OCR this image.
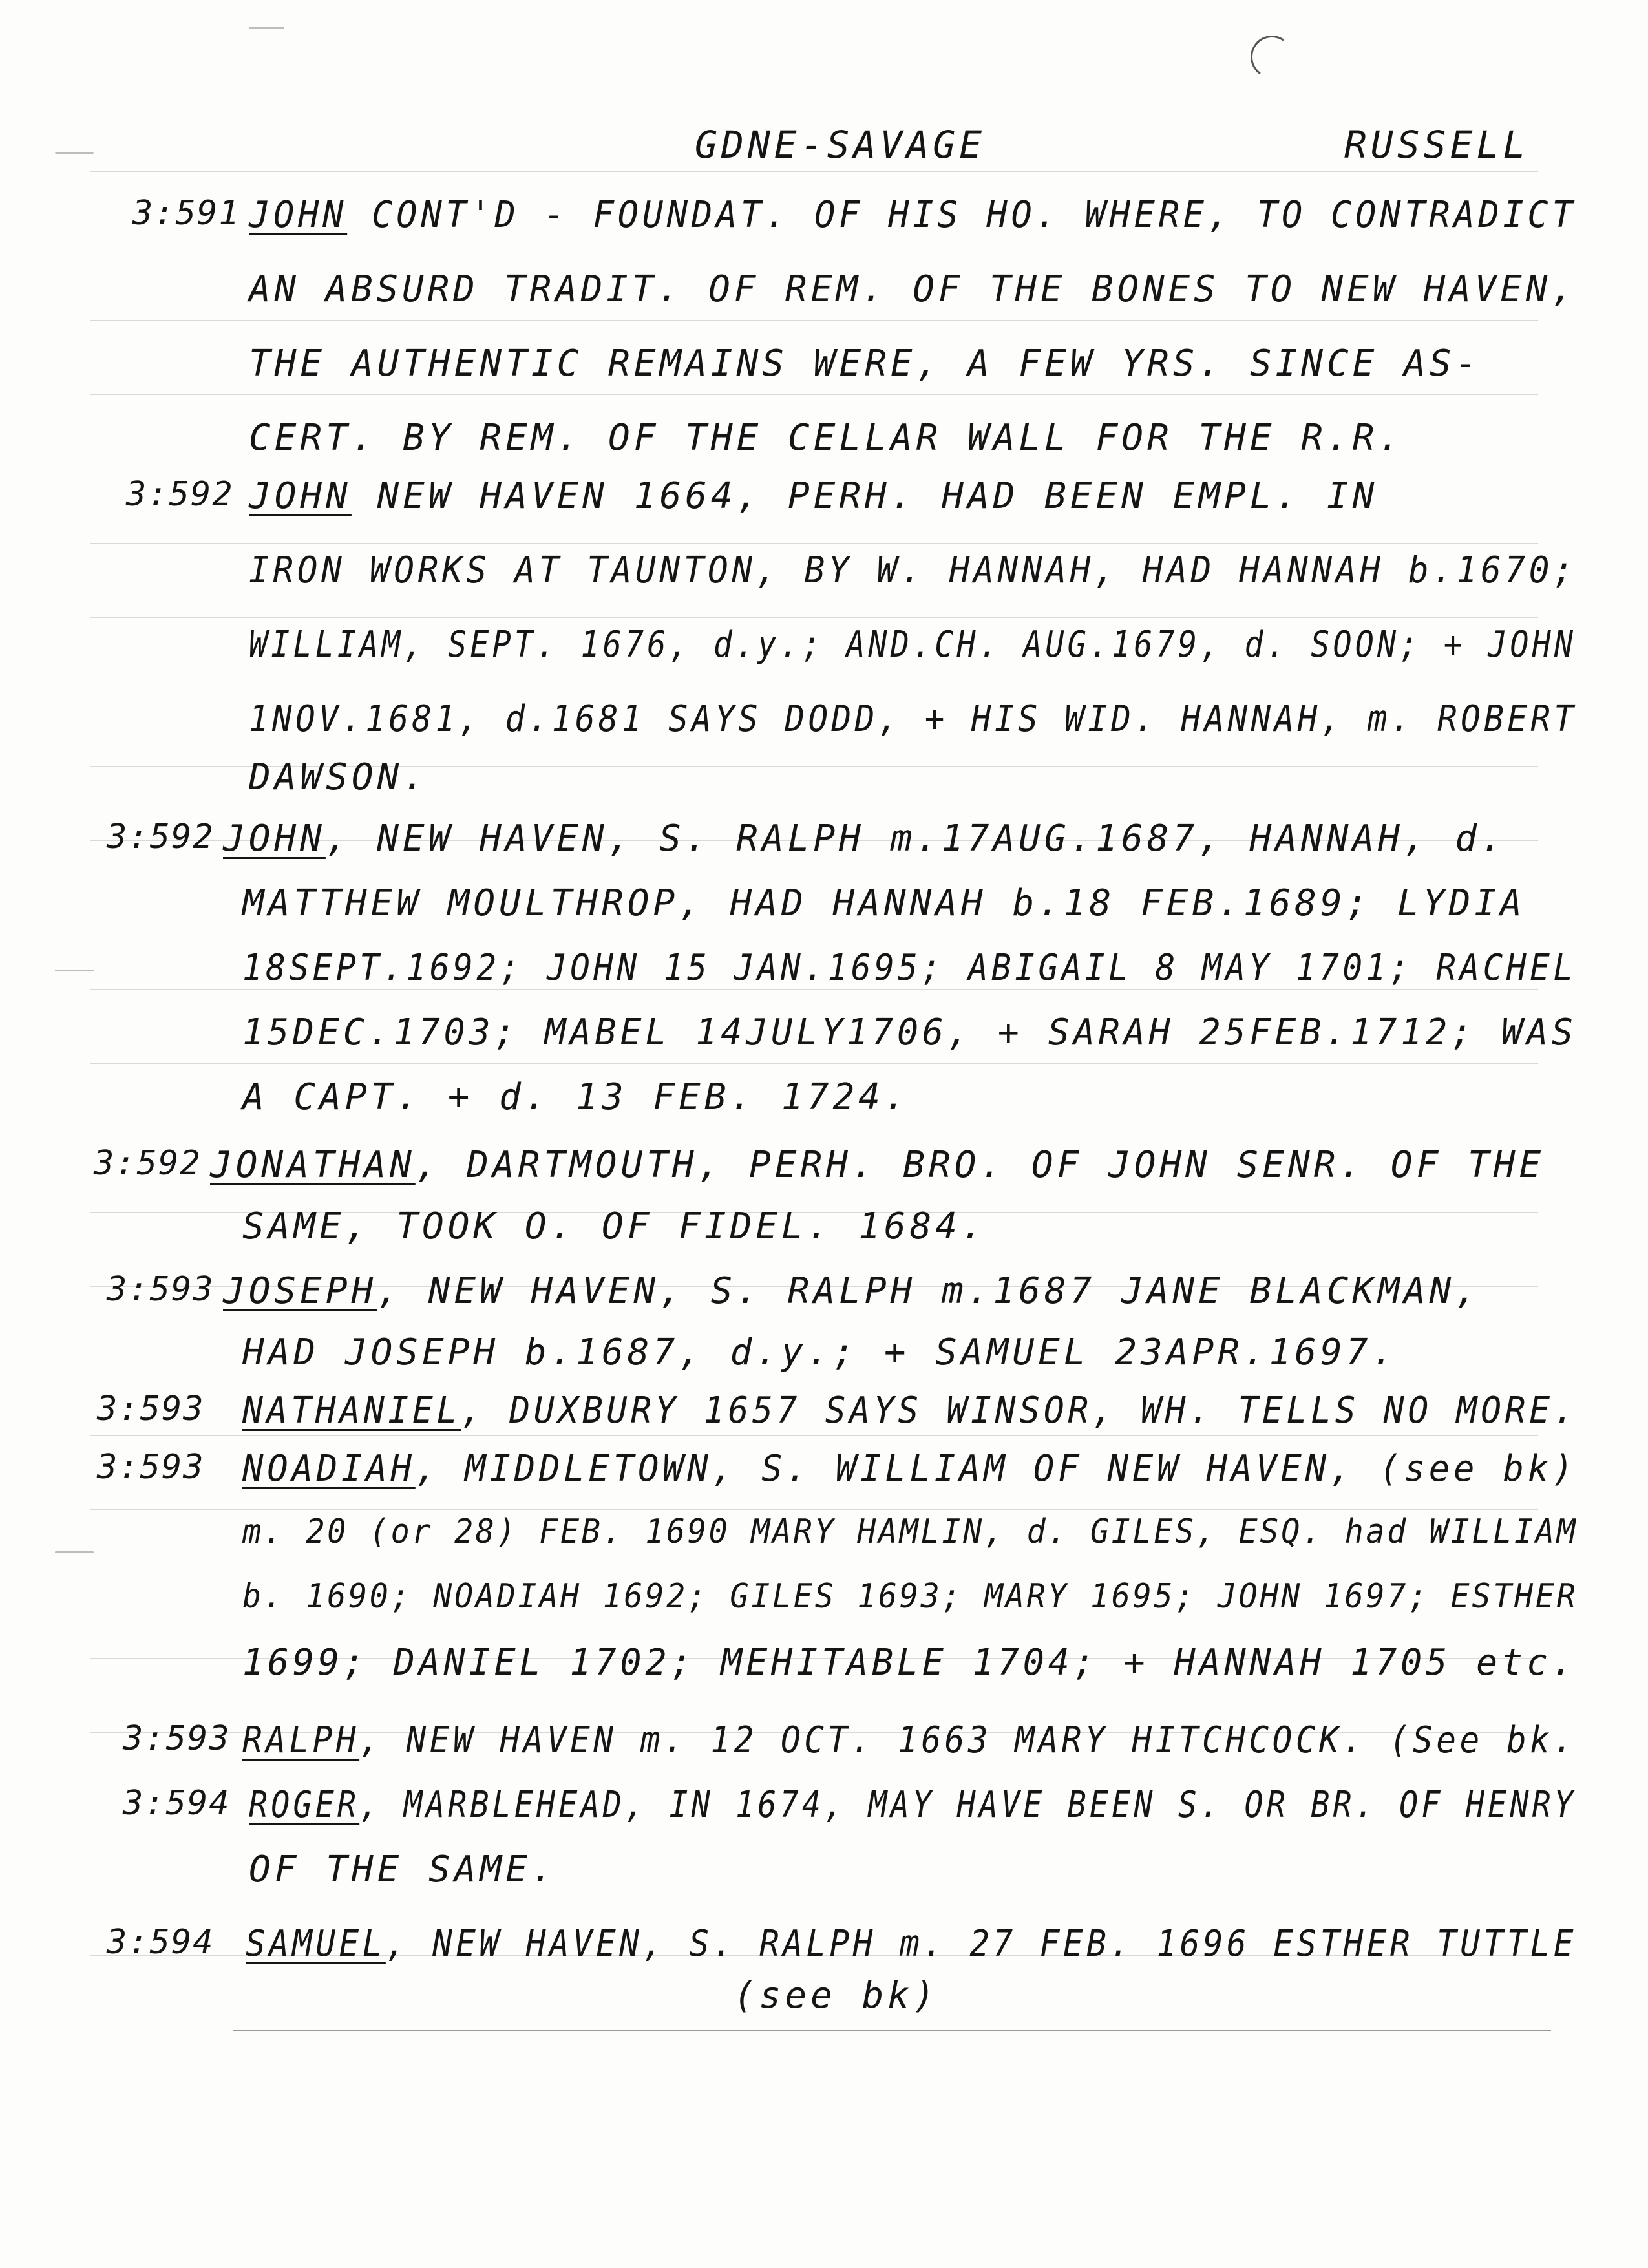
GDNE-SAVAGE	RUSSELL
3:591 JOHN CONT'D - FOUNDAT. OF HIS HO. WHERE, TO CONTRADICT
AN ABSURD TRADIT. OF REM. OF THE BONES TO NEW HAVEN,
THE AUTHENTIC REMAINS WERE, A FEW YRS. SINCE AS-
CERT. BY REM. OF THE CELLAR WALL FOR THE R.R.
3:592 JOHN NEW HAVEN 1664, PERH. HAD BEEN EMPL. IN
IRON WORKS AT TAUNTON, BY W. HANNAH, HAD HANNAH b.1670;
WILLIAM, SEPT. 1676, d.y.; AND.CH. AUG.1679, d. SOON; + JOHN
1NOV.1681, d.1681 SAYS DODD, + HIS WID. HANNAH, m. ROBERT
DAWSON.
3:592 JOHN, NEW HAVEN, S. RALPH m.17AUG.1687, HANNAH, d.
MATTHEW MOULTHROP, HAD HANNAH b.18 FEB.1689; LYDIA
18SEPT.1692; JOHN 15 JAN.1695; ABIGAIL 8 MAY 1701; RACHEL
15DEC.1703; MABEL 14JULY1706, + SARAH 25FEB.1712; WAS
A CAPT. + d. 13 FEB. 1724.
3:592 JONATHAN, DARTMOUTH, PERH. BRO. OF JOHN SENR. OF THE
SAME, TOOK O. OF FIDEL. 1684.
3:593 JOSEPH, NEW HAVEN, S. RALPH m.1687 JANE BLACKMAN,
HAD JOSEPH b.1687, d.y.; + SAMUEL 23APR.1697.
3:593 NATHANIEL, DUXBURY 1657 SAYS WINSOR, WH. TELLS NO MORE.
3:593 NOADIAH, MIDDLETOWN, S. WILLIAM OF NEW HAVEN, (see bk)
m. 20 (or 28) FEB. 1690 MARY HAMLIN, d. GILES, ESQ. had WILLIAM
b. 1690; NOADIAH 1692; GILES 1693; MARY 1695; JOHN 1697; ESTHER
1699; DANIEL 1702; MEHITABLE 1704; + HANNAH 1705 etc.
3:593 RALPH, NEW HAVEN m. 12 OCT. 1663 MARY HITCHCOCK. (See bk.
3:594 ROGER, MARBLEHEAD, IN 1674, MAY HAVE BEEN S. OR BR. OF HENRY
OF THE SAME.
3:594 SAMUEL, NEW HAVEN, S. RALPH m. 27 FEB. 1696 ESTHER TUTTLE
(see bk)
